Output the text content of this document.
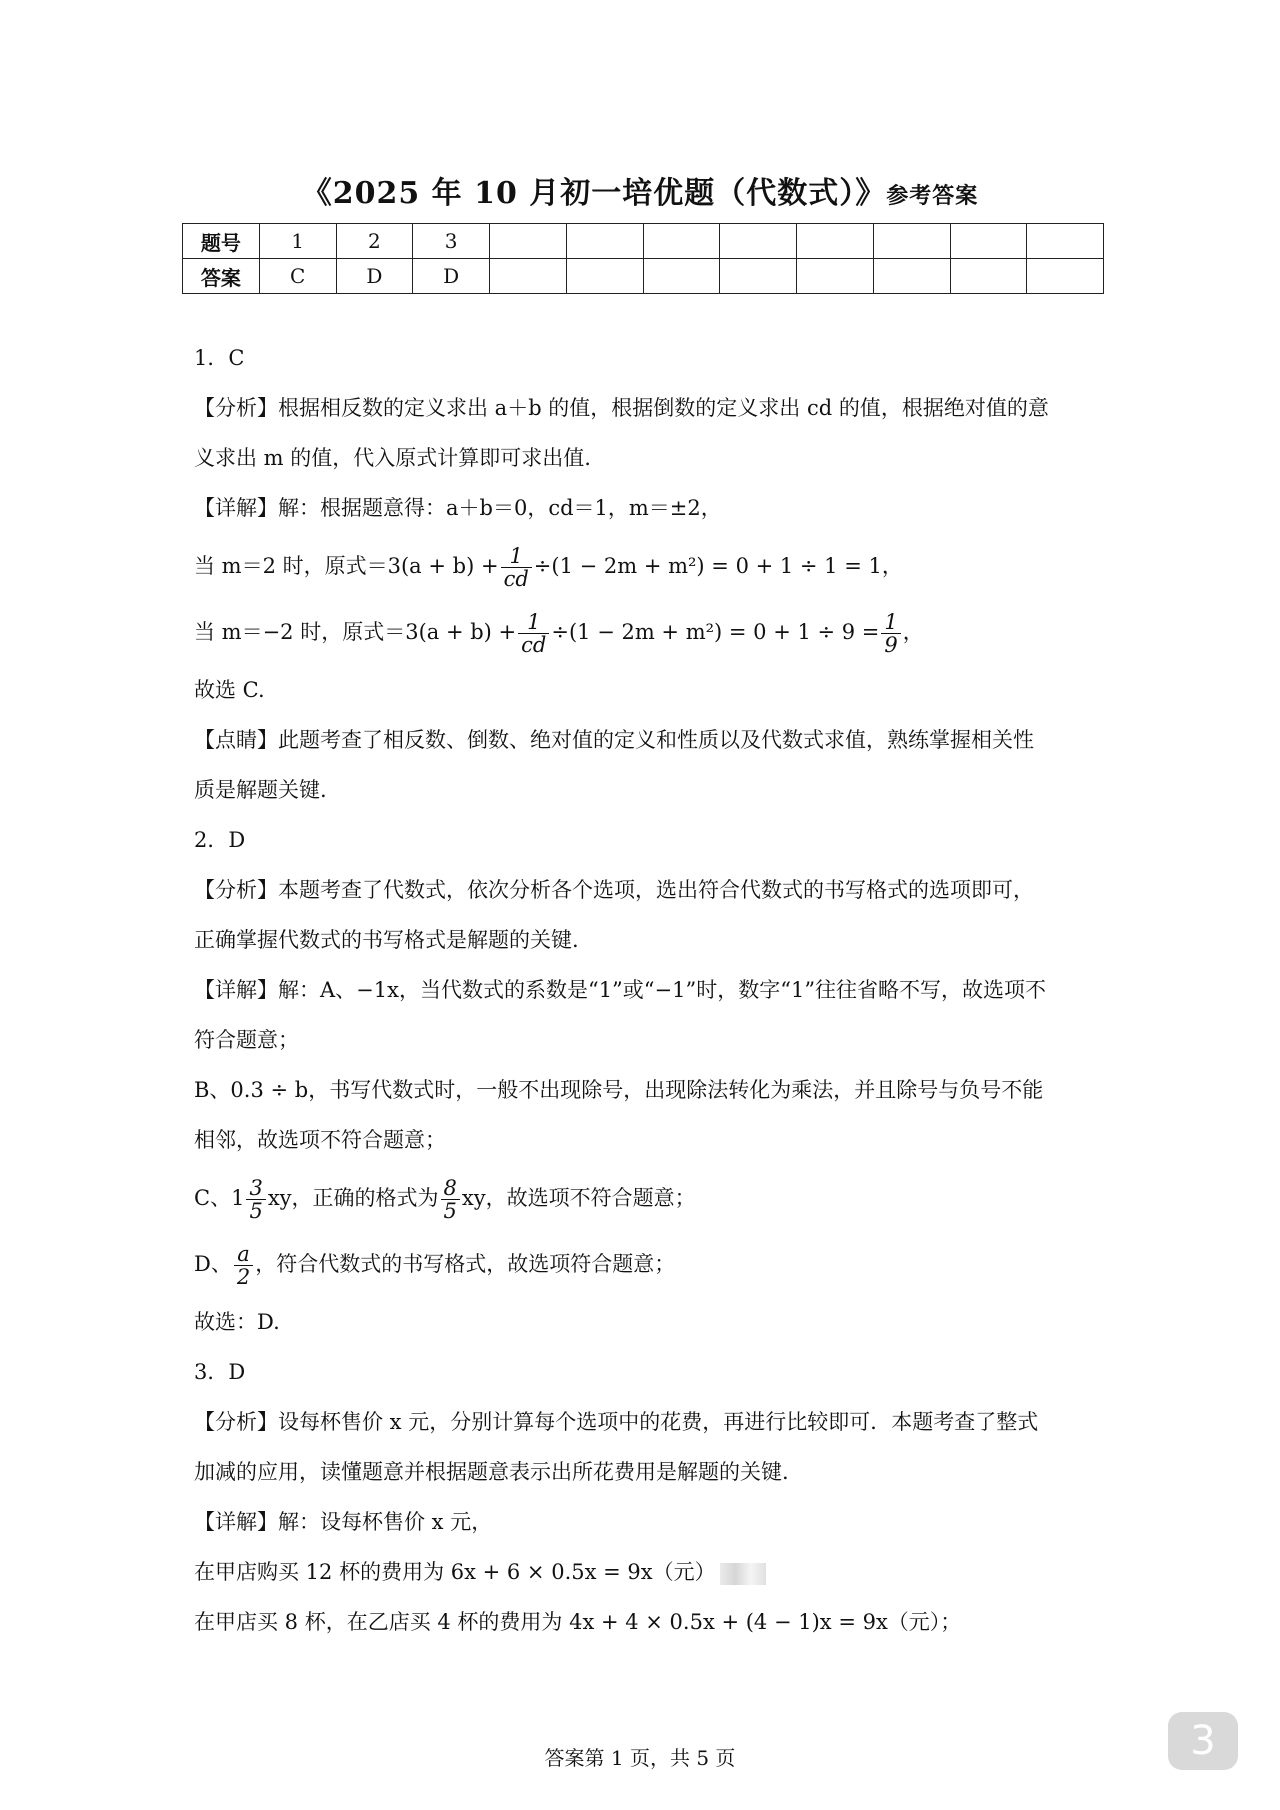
《2025 年 10 月初一培优题（代数式）》参考答案
题号	1	2	3								
答案	C	D	D								

1．C

【分析】根据相反数的定义求出 a＋b 的值，根据倒数的定义求出 cd 的值，根据绝对值的意

义求出 m 的值，代入原式计算即可求出值.

【详解】解：根据题意得：a＋b＝0，cd＝1，m＝±2，

当 m＝2 时，原式$=3(a + b) + \frac{1}{cd} \div(1 - 2m + m^2) = 0 + 1 \div 1 = 1$，

当 m＝−2 时，原式$=3(a + b) + \frac{1}{cd} \div(1 - 2m + m^2) = 0 + 1 \div 9 = \frac{1}{9}$ ，

故选 C.

【点睛】此题考查了相反数、倒数、绝对值的定义和性质以及代数式求值，熟练掌握相关性

质是解题关键.

2．D

【分析】本题考查了代数式，依次分析各个选项，选出符合代数式的书写格式的选项即可，

正确掌握代数式的书写格式是解题的关键.

【详解】解：A、−1x，当代数式的系数是“1”或“−1”时，数字“1”往往省略不写，故选项不

符合题意；

B、0.3 ÷ b，书写代数式时，一般不出现除号，出现除法转化为乘法，并且除号与负号不能

相邻，故选项不符合题意；

C、$1 \frac{3}{5}$ xy，正确的格式为 $\frac{8}{5}$ xy，故选项不符合题意；

D、 $\frac{a}{2}$ ，符合代数式的书写格式，故选项符合题意；

故选：D.

3．D

【分析】设每杯售价 x 元，分别计算每个选项中的花费，再进行比较即可．本题考查了整式

加减的应用，读懂题意并根据题意表示出所花费用是解题的关键.

【详解】解：设每杯售价 x 元，

在甲店购买 12 杯的费用为 6x + 6 × 0.5x = 9x（元）

在甲店买 8 杯，在乙店买 4 杯的费用为 4x + 4 × 0.5x + (4 − 1)x = 9x（元）；

答案第 1 页，共 5 页	3
